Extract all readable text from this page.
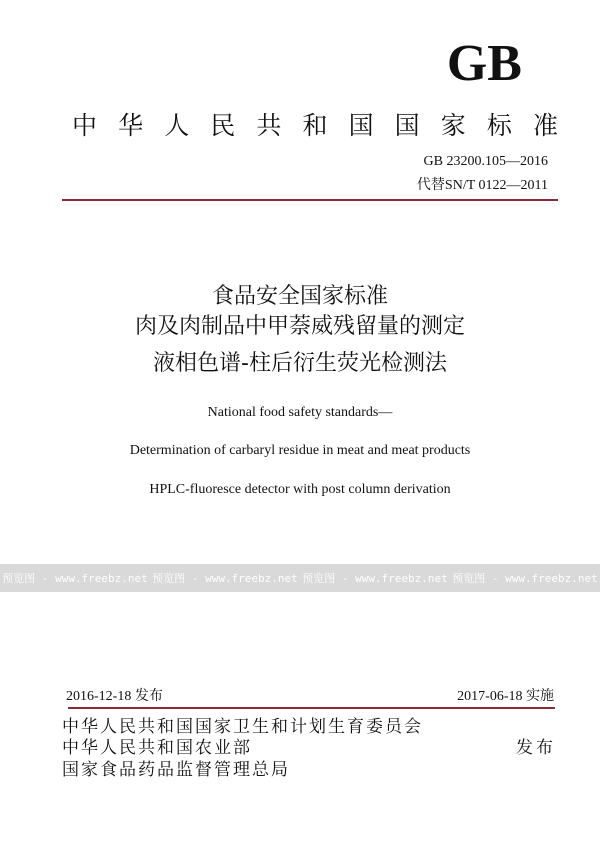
GB
中 华 人 民 共 和 国 国 家 标 准
GB 23200.105—2016
代替SN/T 0122—2011
食品安全国家标准
肉及肉制品中甲萘威残留量的测定
液相色谱-柱后衍生荧光检测法
National food safety standards—
Determination of carbaryl residue in meat and meat products
HPLC-fluoresce detector with post column derivation
预览图 - www.freebz.net 预览图 - www.freebz.net 预览图 - www.freebz.net 预览图 - www.freebz.net
2016-12-18 发布	2017-06-18 实施
中华人民共和国国家卫生和计划生育委员会
中华人民共和国农业部
国家食品药品监督管理总局
发布
